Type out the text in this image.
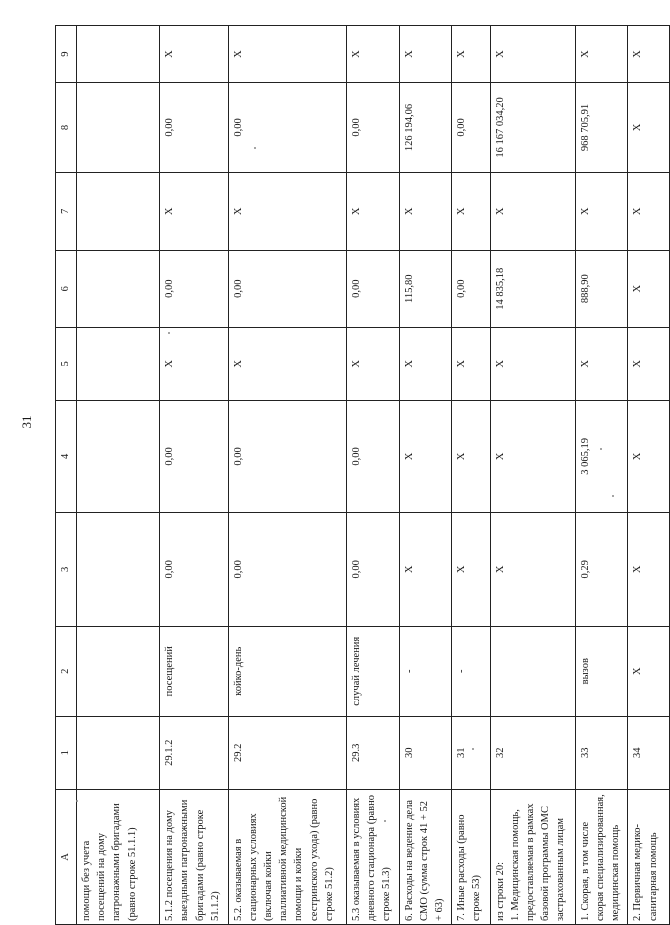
31
A	1	2	3	4	5	6	7	8	9
помощи без учета посещений на дому патронажными бригадами (равно строке 51.1.1)									
5.1.2 посещения на дому выездными патронажными бригадами (равно строке 51.1.2)	29.1.2	посещений	0,00	0,00	X	0,00	X	0,00	X
5.2. оказываемая в стационарных условиях (включая койки паллиативной медицинской помощи и койки сестринского ухода) (равно строке 51.2)	29.2	койко-день	0,00	0,00	X	0,00	X	0,00	X
5.3 оказываемая в условиях дневного стационара (равно строке 51.3)	29.3	случай лечения	0,00	0,00	X	0,00	X	0,00	X
6. Расходы на ведение дела СМО (сумма строк 41 + 52 + 63)	30	-	X	X	X	115,80	X	126 194,06	X
7. Иные расходы (равно строке 53)	31	-	X	X	X	0,00	X	0,00	X
из строки 20:
1. Медицинская помощь, предоставляемая в рамках базовой программы ОМС застрахованным лицам	32		X	X	X	14 835,18	X	16 167 034,20	X
1. Скорая, в том числе скорая специализированная, медицинская помощь	33	вызов	0,29	3 065,19	X	888,90	X	968 705,91	X
2. Первичная медико-санитарная помощь	34	X	X	X	X	X	X	X	X
